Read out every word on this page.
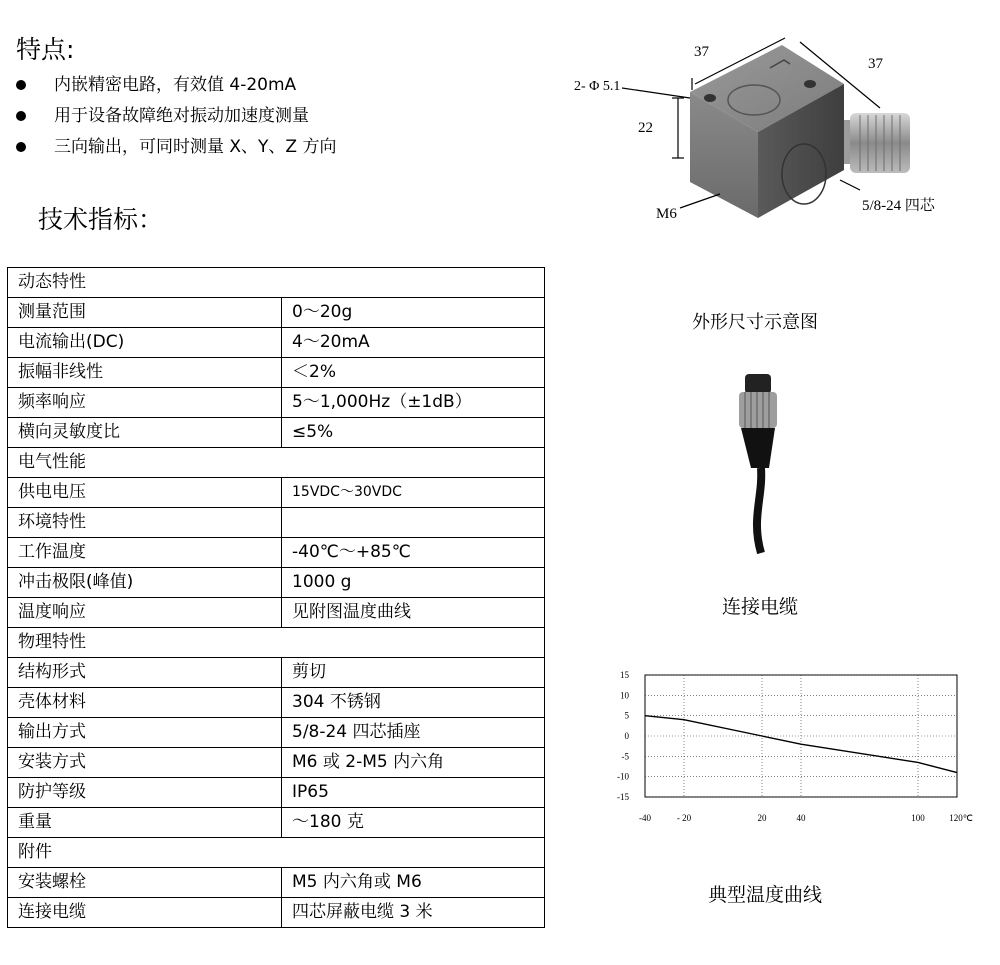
特点:
内嵌精密电路，有效值 4-20mA
用于设备故障绝对振动加速度测量
三向输出，可同时测量 X、Y、Z 方向
技术指标：
动态特性	
测量范围	0～20g
电流输出(DC)	4～20mA
振幅非线性	＜2%
频率响应	5～1,000Hz（±1dB）
横向灵敏度比	≤5%
电气性能	
供电电压	15VDC～30VDC
环境特性	
工作温度	-40℃～+85℃
冲击极限(峰值)	1000 g
温度响应	见附图温度曲线
物理特性	
结构形式	剪切
壳体材料	304 不锈钢
输出方式	5/8-24 四芯插座
安装方式	M6 或 2-M5 内六角
防护等级	IP65
重量	～180 克
附件	
安装螺栓	M5 内六角或 M6
连接电缆	四芯屏蔽电缆 3 米
37
37
22
2- Φ 5.1
M6	5/8-24 四芯
外形尺寸示意图
连接电缆
15
10
5
0
-5
-10
-15
-40	- 20	20	40	100	120℃
典型温度曲线
